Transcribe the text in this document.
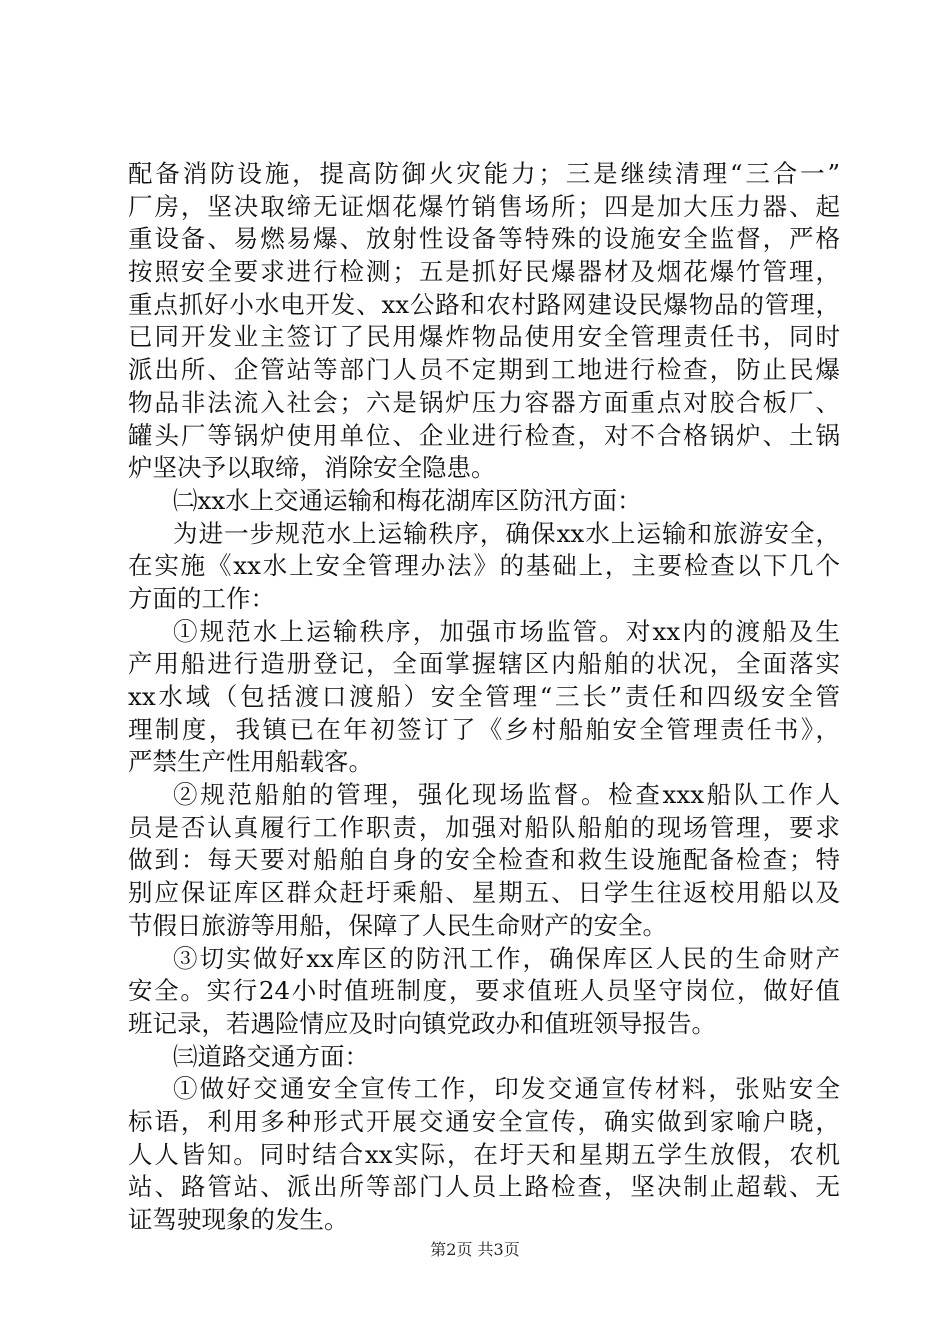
配备消防设施，提高防御火灾能力；三是继续清理“三合一”
厂房，坚决取缔无证烟花爆竹销售场所；四是加大压力器、起
重设备、易燃易爆、放射性设备等特殊的设施安全监督，严格
按照安全要求进行检测；五是抓好民爆器材及烟花爆竹管理，
重点抓好小水电开发、xx公路和农村路网建设民爆物品的管理，
已同开发业主签订了民用爆炸物品使用安全管理责任书，同时
派出所、企管站等部门人员不定期到工地进行检查，防止民爆
物品非法流入社会；六是锅炉压力容器方面重点对胶合板厂、
罐头厂等锅炉使用单位、企业进行检查，对不合格锅炉、土锅
炉坚决予以取缔，消除安全隐患。
㈡xx水上交通运输和梅花湖库区防汛方面：
为进一步规范水上运输秩序，确保xx水上运输和旅游安全，
在实施《xx水上安全管理办法》的基础上，主要检查以下几个
方面的工作：
①规范水上运输秩序，加强市场监管。对xx内的渡船及生
产用船进行造册登记，全面掌握辖区内船舶的状况，全面落实
xx水域（包括渡口渡船）安全管理“三长”责任和四级安全管
理制度，我镇已在年初签订了《乡村船舶安全管理责任书》，
严禁生产性用船载客。
②规范船舶的管理，强化现场监督。检查xxx船队工作人
员是否认真履行工作职责，加强对船队船舶的现场管理，要求
做到：每天要对船舶自身的安全检查和救生设施配备检查；特
别应保证库区群众赶圩乘船、星期五、日学生往返校用船以及
节假日旅游等用船，保障了人民生命财产的安全。
③切实做好xx库区的防汛工作，确保库区人民的生命财产
安全。实行24小时值班制度，要求值班人员坚守岗位，做好值
班记录，若遇险情应及时向镇党政办和值班领导报告。
㈢道路交通方面：
①做好交通安全宣传工作，印发交通宣传材料，张贴安全
标语，利用多种形式开展交通安全宣传，确实做到家喻户晓，
人人皆知。同时结合xx实际，在圩天和星期五学生放假，农机
站、路管站、派出所等部门人员上路检查，坚决制止超载、无
证驾驶现象的发生。
第2页 共3页
